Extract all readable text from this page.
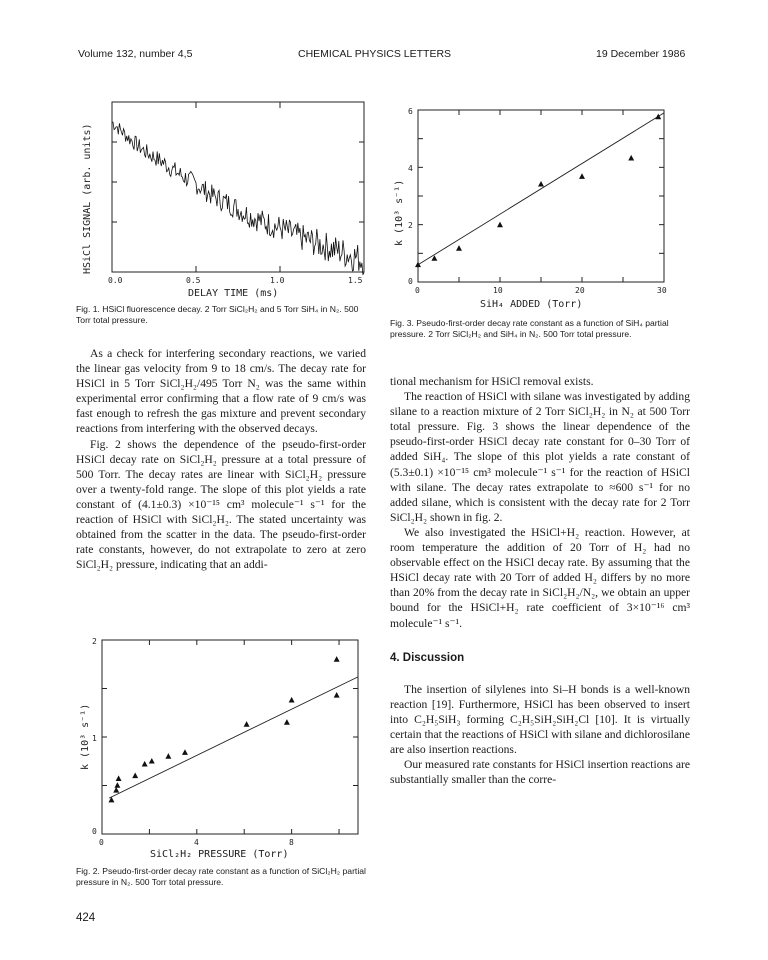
Volume 132, number 4,5	CHEMICAL PHYSICS LETTERS	19 December 1986
0.0	0.5	1.0	1.5
DELAY TIME (ms)
HSiCl SIGNAL (arb. units)
Fig. 1. HSiCl fluorescence decay. 2 Torr SiCl₂H₂ and 5 Torr SiH₄ in N₂. 500 Torr total pressure.

As a check for interfering secondary reactions, we varied the linear gas velocity from 9 to 18 cm/s. The decay rate for HSiCl in 5 Torr SiCl₂H₂/495 Torr N₂ was the same within experimental error confirming that a flow rate of 9 cm/s was fast enough to refresh the gas mixture and prevent secondary reactions from interfering with the observed decays.

Fig. 2 shows the dependence of the pseudo-first-order HSiCl decay rate on SiCl₂H₂ pressure at a total pressure of 500 Torr. The decay rates are linear with SiCl₂H₂ pressure over a twenty-fold range. The slope of this plot yields a rate constant of (4.1±0.3) ×10⁻¹⁵ cm³ molecule⁻¹ s⁻¹ for the reaction of HSiCl with SiCl₂H₂. The stated uncertainty was obtained from the scatter in the data. The pseudo-first-order rate constants, however, do not extrapolate to zero at zero SiCl₂H₂ pressure, indicating that an addi-

2
1
0
0	4	8
k (10³ s⁻¹)
SiCl₂H₂ PRESSURE (Torr)
Fig. 2. Pseudo-first-order decay rate constant as a function of SiCl₂H₂ partial pressure in N₂. 500 Torr total pressure.
424
6
4
2
0
0	10	20	30
SiH₄ ADDED (Torr)
k (10³ s⁻¹)
Fig. 3. Pseudo-first-order decay rate constant as a function of SiH₄ partial pressure. 2 Torr SiCl₂H₂ and SiH₄ in N₂. 500 Torr total pressure.

tional mechanism for HSiCl removal exists.

The reaction of HSiCl with silane was investigated by adding silane to a reaction mixture of 2 Torr SiCl₂H₂ in N₂ at 500 Torr total pressure. Fig. 3 shows the linear dependence of the pseudo-first-order HSiCl decay rate constant for 0–30 Torr of added SiH₄. The slope of this plot yields a rate constant of (5.3±0.1) ×10⁻¹⁵ cm³ molecule⁻¹ s⁻¹ for the reaction of HSiCl with silane. The decay rates extrapolate to ≈600 s⁻¹ for no added silane, which is consistent with the decay rate for 2 Torr SiCl₂H₂ shown in fig. 2.

We also investigated the HSiCl+H₂ reaction. However, at room temperature the addition of 20 Torr of H₂ had no observable effect on the HSiCl decay rate. By assuming that the HSiCl decay rate with 20 Torr of added H₂ differs by no more than 20% from the decay rate in SiCl₂H₂/N₂, we obtain an upper bound for the HSiCl+H₂ rate coefficient of 3×10⁻¹⁶ cm³ molecule⁻¹ s⁻¹.

4. Discussion

The insertion of silylenes into Si–H bonds is a well-known reaction [19]. Furthermore, HSiCl has been observed to insert into C₂H₅SiH₃ forming C₂H₅SiH₂SiH₂Cl [10]. It is virtually certain that the reactions of HSiCl with silane and dichlorosilane are also insertion reactions.

Our measured rate constants for HSiCl insertion reactions are substantially smaller than the corre-
